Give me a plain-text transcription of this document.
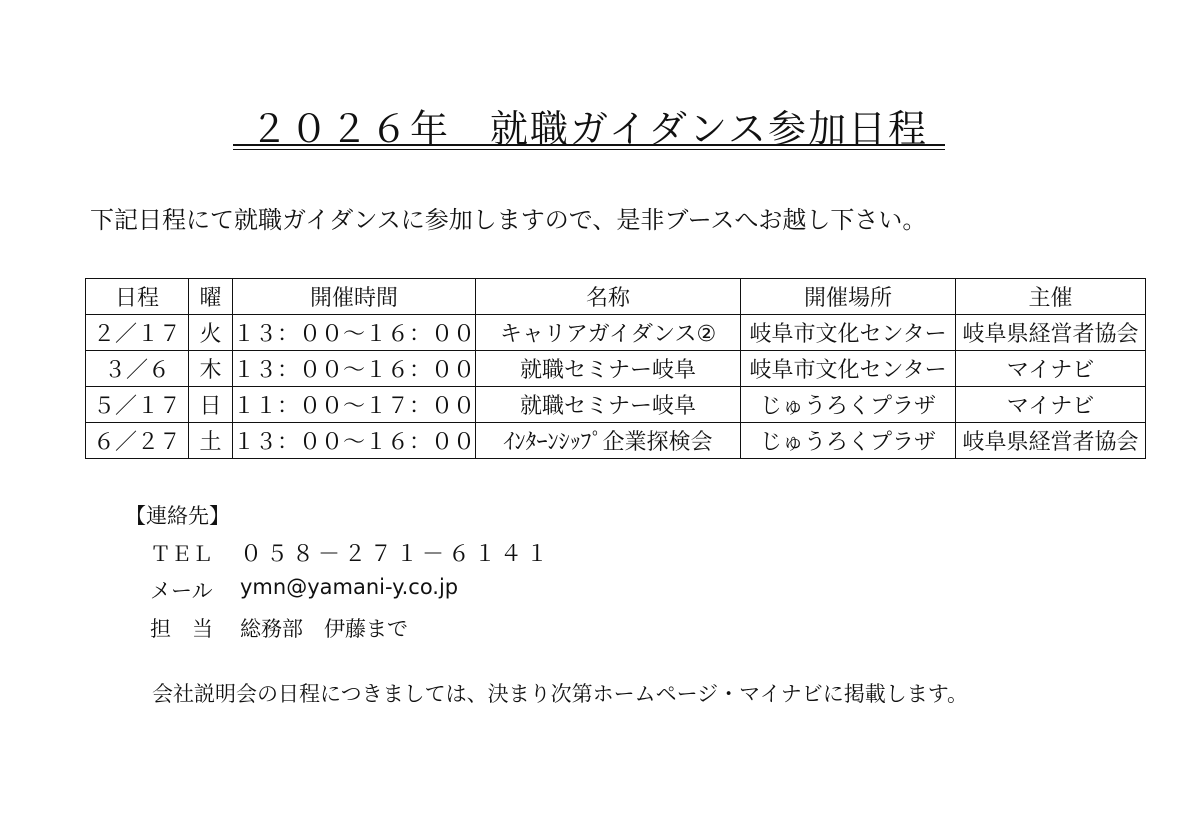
２０２６年　就職ガイダンス参加日程
下記日程にて就職ガイダンスに参加しますので、是非ブースへお越し下さい。
日程	曜	開催時間	名称	開催場所	主催
２／１７	火	１３：００～１６：００	キャリアガイダンス②	岐阜市文化センター	岐阜県経営者協会
３／６	木	１３：００～１６：００	就職セミナー岐阜	岐阜市文化センター	マイナビ
５／１７	日	１１：００～１７：００	就職セミナー岐阜	じゅうろくプラザ	マイナビ
６／２７	土	１３：００～１６：００	ｲﾝﾀｰﾝｼｯﾌﾟ企業探検会	じゅうろくプラザ	岐阜県経営者協会
【連絡先】
ＴＥＬ ０５８－２７１－６１４１
メール ymn@yamani-y.co.jp
担　当 総務部　伊藤まで
会社説明会の日程につきましては、決まり次第ホームページ・マイナビに掲載します。
